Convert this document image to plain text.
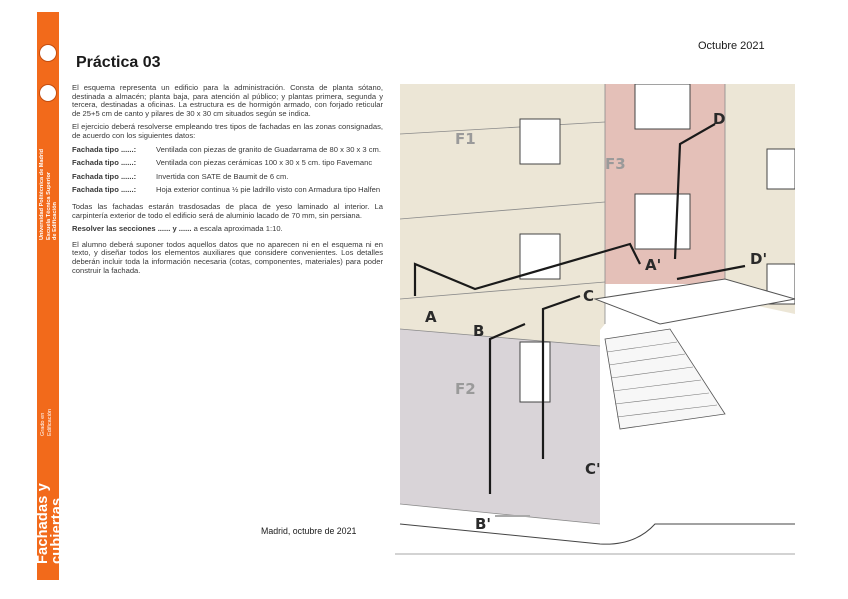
Universidad Politécnica de Madrid Escuela Técnica Superior de Edificación
Grado en Edificación
Fachadas y
cubiertas
Práctica 03
Octubre 2021

El esquema representa un edificio para la administración. Consta de planta sótano, destinada a almacén; planta baja, para atención al público; y plantas primera, segunda y tercera, destinadas a oficinas. La estructura es de hormigón armado, con forjado reticular de 25+5 cm de canto y pilares de 30 x 30 cm situados según se indica.

El ejercicio deberá resolverse empleando tres tipos de fachadas en las zonas consignadas, de acuerdo con los siguientes datos:

Fachada tipo ......:	Ventilada con piezas de granito de Guadarrama de 80 x 30 x 3 cm.
Fachada tipo ......:	Ventilada con piezas cerámicas 100 x 30 x 5 cm. tipo Favemanc
Fachada tipo ......:	Invertida con SATE de Baumit de 6 cm.
Fachada tipo ......:	Hoja exterior continua ½ pie ladrillo visto con Armadura tipo Halfen

Todas las fachadas estarán trasdosadas de placa de yeso laminado al interior. La carpintería exterior de todo el edificio será de aluminio lacado de 70 mm, sin persiana.

Resolver las secciones ...... y ...... a escala aproximada 1:10.

El alumno deberá suponer todos aquellos datos que no aparecen ni en el esquema ni en texto, y diseñar todos los elementos auxiliares que considere convenientes. Los detalles deberán incluir toda la información necesaria (cotas, componentes, materiales) para poder construir la fachada.

Madrid, octubre de 2021
F1
F2
F3
A
A'
B
B'
C
C'
D
D'
